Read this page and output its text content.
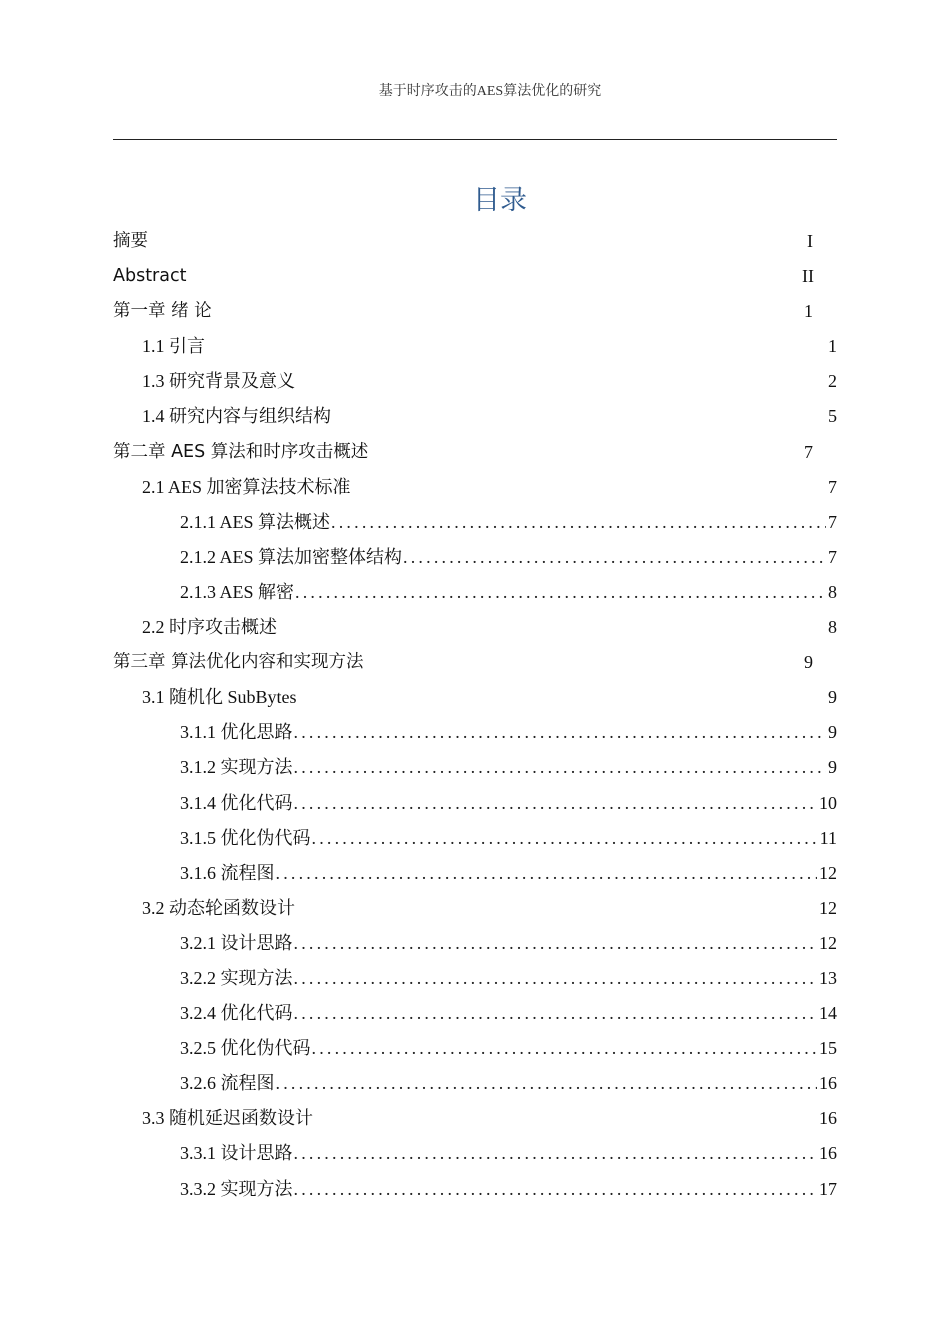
基于时序攻击的AES算法优化的研究
目录
摘要	I
Abstract	II
第一章 绪 论	1
1.1 引言	1
1.3 研究背景及意义	2
1.4 研究内容与组织结构	5
第二章 AES 算法和时序攻击概述	7
2.1 AES 加密算法技术标准	7
2.1.1 AES 算法概述 .....	7
2.1.2 AES 算法加密整体结构 .....	7
2.1.3 AES 解密 .....	8
2.2 时序攻击概述	8
第三章 算法优化内容和实现方法	9
3.1 随机化 SubBytes	9
3.1.1 优化思路 .....	9
3.1.2 实现方法 .....	9
3.1.4 优化代码 .....	10
3.1.5 优化伪代码 .....	11
3.1.6 流程图 .....	12
3.2 动态轮函数设计	12
3.2.1 设计思路 .....	12
3.2.2 实现方法 .....	13
3.2.4 优化代码 .....	14
3.2.5 优化伪代码 .....	15
3.2.6 流程图 .....	16
3.3 随机延迟函数设计	16
3.3.1 设计思路 .....	16
3.3.2 实现方法 .....	17
